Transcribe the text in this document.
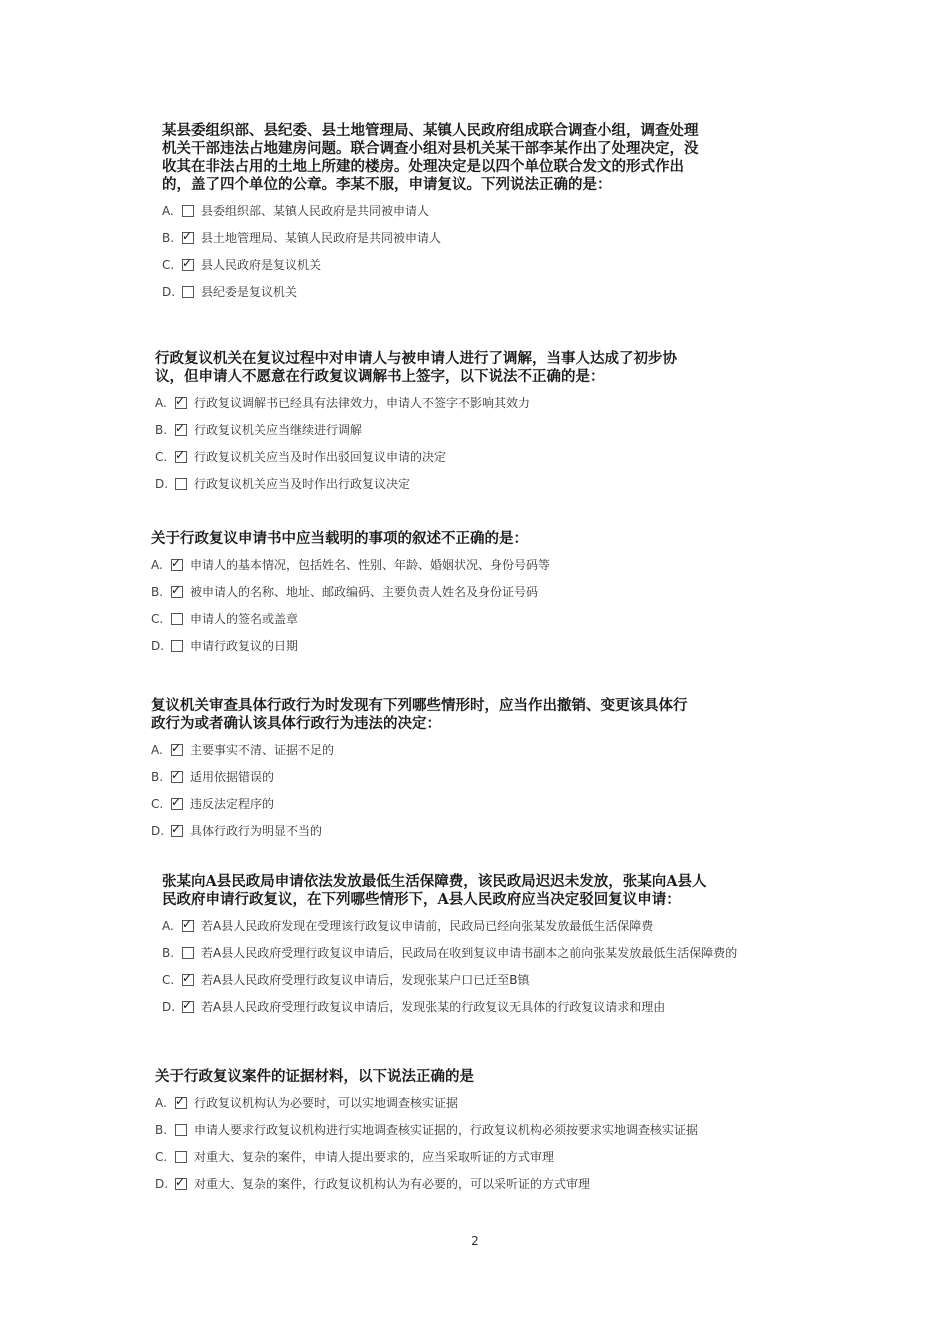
某县委组织部、县纪委、县土地管理局、某镇人民政府组成联合调查小组，调查处理机关干部违法占地建房问题。联合调查小组对县机关某干部李某作出了处理决定，没收其在非法占用的土地上所建的楼房。处理决定是以四个单位联合发文的形式作出的，盖了四个单位的公章。李某不服，申请复议。下列说法正确的是：

A.	县委组织部、某镇人民政府是共同被申请人
B. ✓	县土地管理局、某镇人民政府是共同被申请人
C. ✓	县人民政府是复议机关
D.	县纪委是复议机关

行政复议机关在复议过程中对申请人与被申请人进行了调解，当事人达成了初步协议，但申请人不愿意在行政复议调解书上签字，以下说法不正确的是：

A. ✓	行政复议调解书已经具有法律效力，申请人不签字不影响其效力
B. ✓	行政复议机关应当继续进行调解
C. ✓	行政复议机关应当及时作出驳回复议申请的决定
D.	行政复议机关应当及时作出行政复议决定

关于行政复议申请书中应当载明的事项的叙述不正确的是：

A. ✓	申请人的基本情况，包括姓名、性别、年龄、婚姻状况、身份号码等
B. ✓	被申请人的名称、地址、邮政编码、主要负责人姓名及身份证号码
C.	申请人的签名或盖章
D.	申请行政复议的日期

复议机关审查具体行政行为时发现有下列哪些情形时，应当作出撤销、变更该具体行政行为或者确认该具体行政行为违法的决定：

A. ✓	主要事实不清、证据不足的
B. ✓	适用依据错误的
C. ✓	违反法定程序的
D. ✓	具体行政行为明显不当的

张某向A县民政局申请依法发放最低生活保障费，该民政局迟迟未发放，张某向A县人民政府申请行政复议，在下列哪些情形下，A县人民政府应当决定驳回复议申请：

A. ✓	若A县人民政府发现在受理该行政复议申请前，民政局已经向张某发放最低生活保障费
B.	若A县人民政府受理行政复议申请后，民政局在收到复议申请书副本之前向张某发放最低生活保障费的
C. ✓	若A县人民政府受理行政复议申请后，发现张某户口已迁至B镇
D. ✓	若A县人民政府受理行政复议申请后，发现张某的行政复议无具体的行政复议请求和理由

关于行政复议案件的证据材料，以下说法正确的是

A. ✓	行政复议机构认为必要时，可以实地调查核实证据
B.	申请人要求行政复议机构进行实地调查核实证据的，行政复议机构必须按要求实地调查核实证据
C.	对重大、复杂的案件，申请人提出要求的，应当采取听证的方式审理
D. ✓	对重大、复杂的案件，行政复议机构认为有必要的，可以采听证的方式审理
2
